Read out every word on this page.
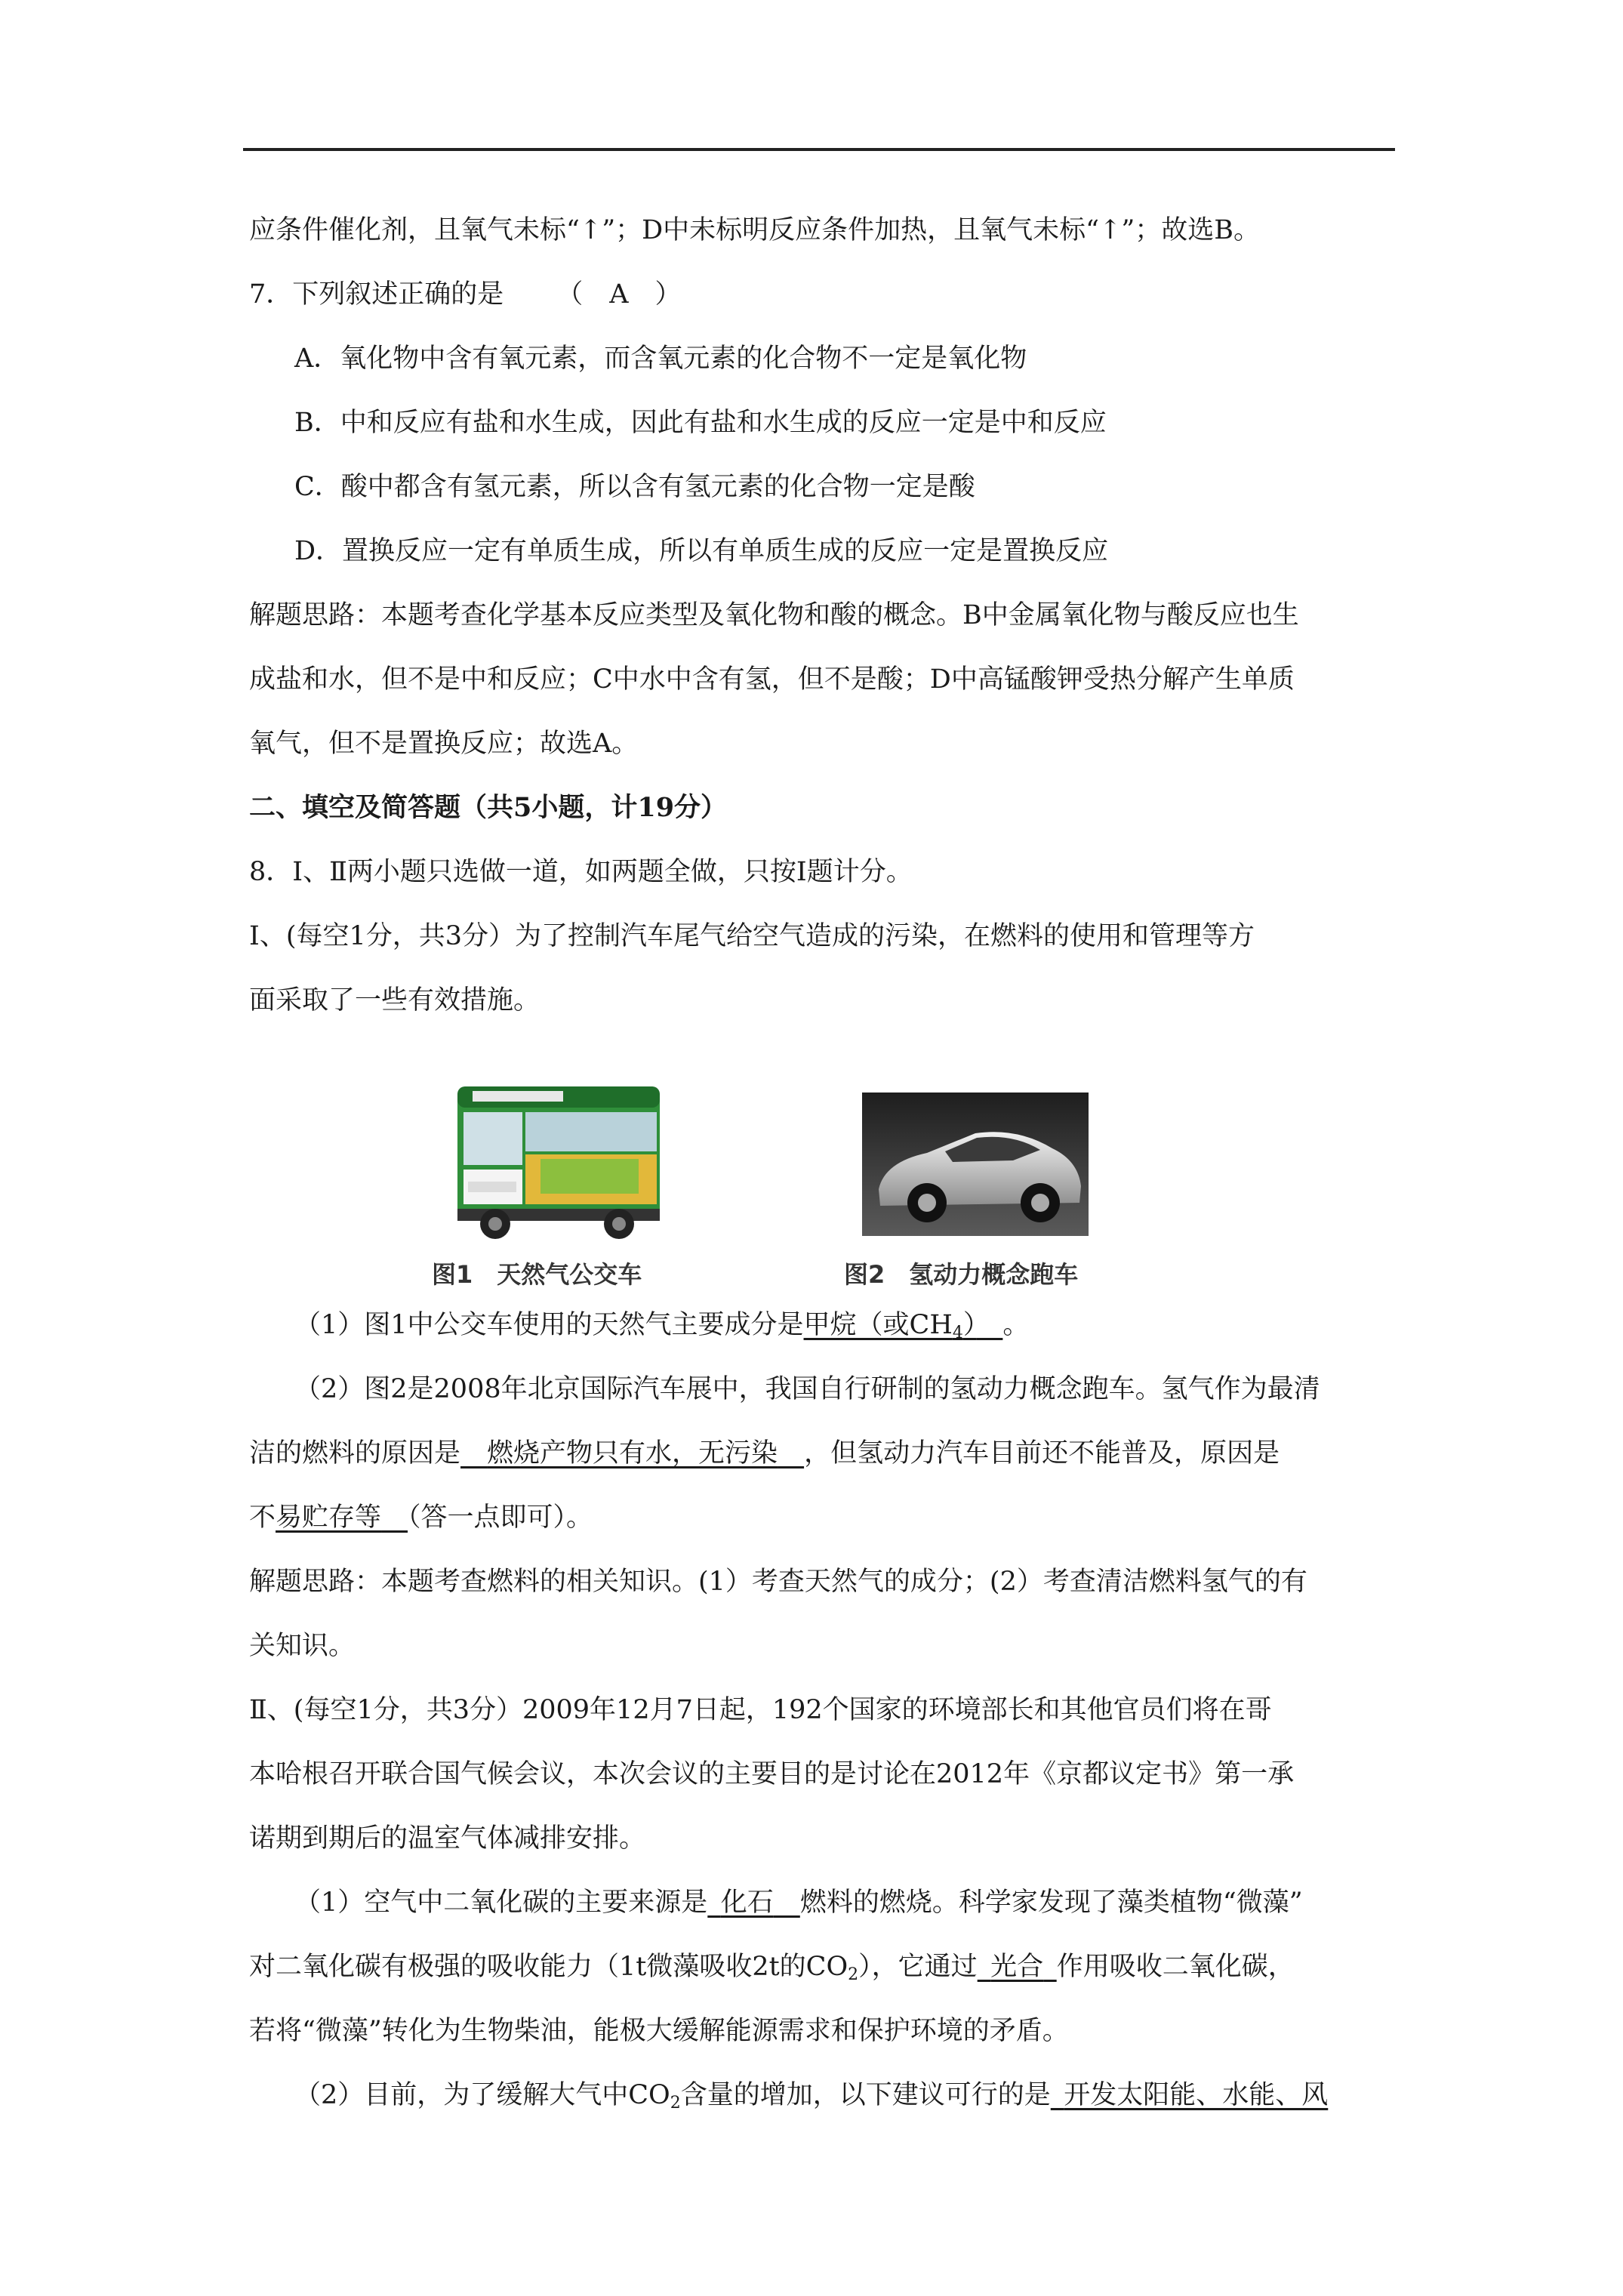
应条件催化剂，且氧气未标“↑”；D中未标明反应条件加热，且氧气未标“↑”；故选B。
7．下列叙述正确的是 （　A　）
A．氧化物中含有氧元素，而含氧元素的化合物不一定是氧化物
B．中和反应有盐和水生成，因此有盐和水生成的反应一定是中和反应
C．酸中都含有氢元素，所以含有氢元素的化合物一定是酸
D．置换反应一定有单质生成，所以有单质生成的反应一定是置换反应
解题思路：本题考查化学基本反应类型及氧化物和酸的概念。B中金属氧化物与酸反应也生
成盐和水，但不是中和反应；C中水中含有氢，但不是酸；D中高锰酸钾受热分解产生单质
氧气，但不是置换反应；故选A。
二、填空及简答题（共5小题，计19分）
8．Ⅰ、Ⅱ两小题只选做一道，如两题全做，只按Ⅰ题计分。
Ⅰ、(每空1分，共3分）为了控制汽车尾气给空气造成的污染，在燃料的使用和管理等方
面采取了一些有效措施。
图1　天然气公交车	图2　氢动力概念跑车
（1）图1中公交车使用的天然气主要成分是甲烷（或$CH_4$）　 。
（2）图2是2008年北京国际汽车展中，我国自行研制的氢动力概念跑车。氢气作为最清
洁的燃料的原因是　 燃烧产物只有水，无污染　 ，但氢动力汽车目前还不能普及，原因是
不易贮存等　 （答一点即可）。
解题思路：本题考查燃料的相关知识。(1）考查天然气的成分；(2）考查清洁燃料氢气的有
关知识。
Ⅱ、(每空1分，共3分）2009年12月7日起，192个国家的环境部长和其他官员们将在哥
本哈根召开联合国气候会议，本次会议的主要目的是讨论在2012年《京都议定书》第一承
诺期到期后的温室气体减排安排。
（1）空气中二氧化碳的主要来源是  化石　 燃料的燃烧。科学家发现了藻类植物“微藻”
对二氧化碳有极强的吸收能力（1t微藻吸收2t的$CO_2$），它通过  光合  作用吸收二氧化碳，
若将“微藻”转化为生物柴油，能极大缓解能源需求和保护环境的矛盾。
（2）目前，为了缓解大气中$CO_2$含量的增加，以下建议可行的是  开发太阳能、水能、风
